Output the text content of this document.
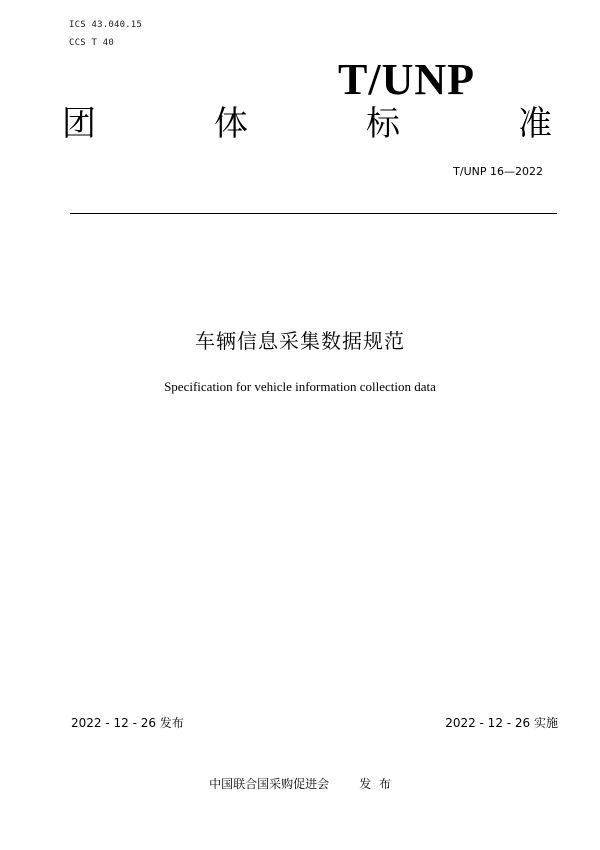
ICS 43.040.15
CCS T 40
T/UNP
团	体	标	准
T/UNP 16—2022
车辆信息采集数据规范
Specification for vehicle information collection data
2022 - 12 - 26 发布	2022 - 12 - 26 实施
中国联合国采购促进会	发  布
